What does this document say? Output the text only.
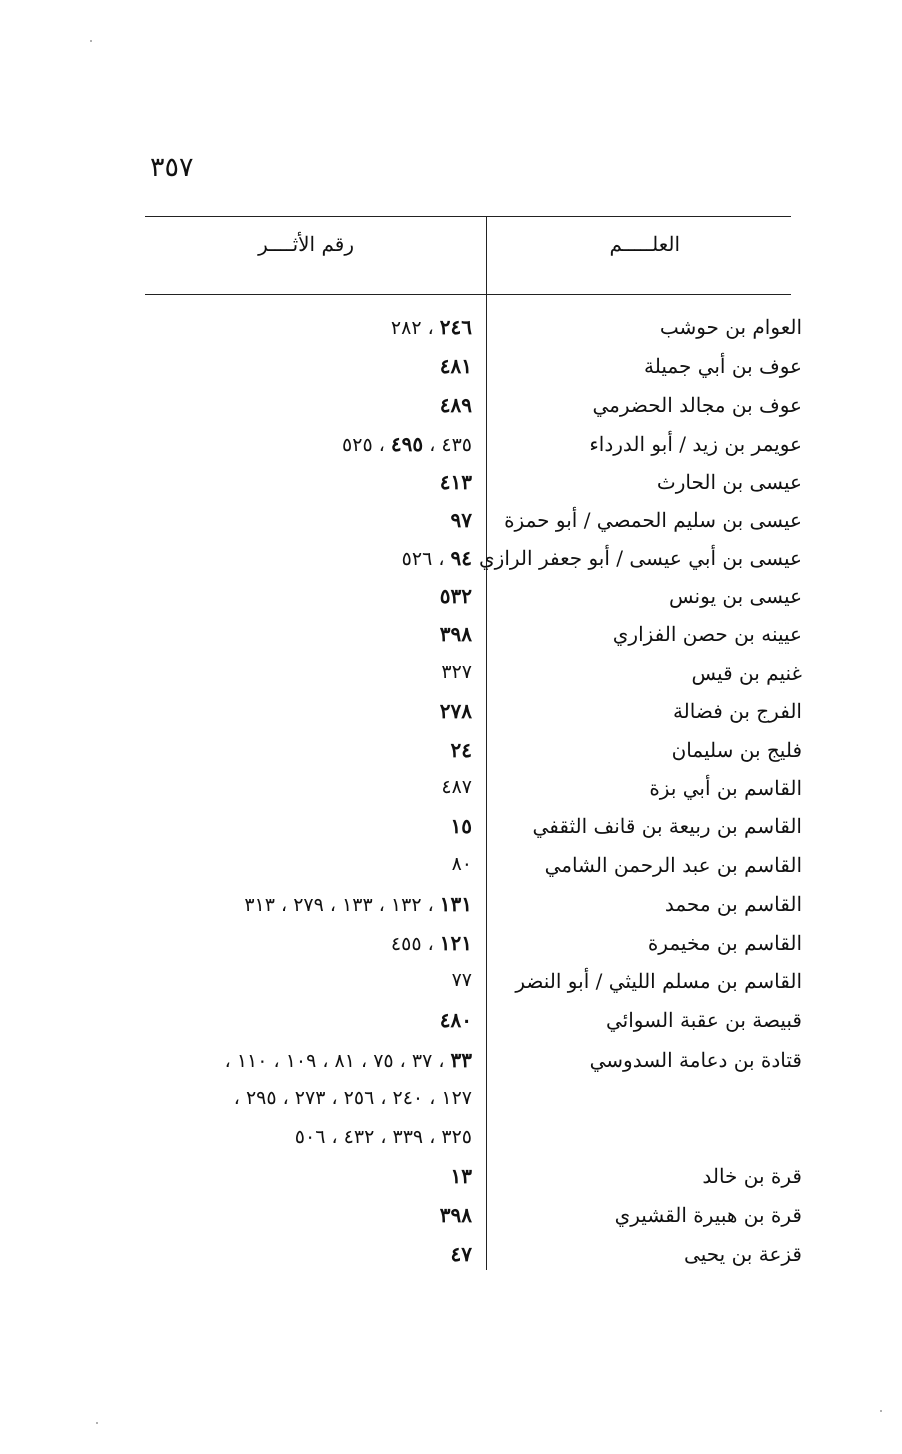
٣٥٧
العلـــــم
رقم الأثــــر
العوام بن حوشب
٢٤٦ ، ٢٨٢
عوف بن أبي جميلة
٤٨١
عوف بن مجالد الحضرمي
٤٨٩
عويمر بن زيد / أبو الدرداء
٤٣٥ ، ٤٩٥ ، ٥٢٥
عيسى بن الحارث
٤١٣
عيسى بن سليم الحمصي / أبو حمزة
٩٧
عيسى بن أبي عيسى / أبو جعفر الرازي
٩٤ ، ٥٢٦
عيسى بن يونس
٥٣٢
عيينه بن حصن الفزاري
٣٩٨
غنيم بن قيس
٣٢٧
الفرج بن فضالة
٢٧٨
فليج بن سليمان
٢٤
القاسم بن أبي بزة
٤٨٧
القاسم بن ربيعة بن قانف الثقفي
١٥
القاسم بن عبد الرحمن الشامي
٨٠
القاسم بن محمد
١٣١ ، ١٣٢ ، ١٣٣ ، ٢٧٩ ، ٣١٣
القاسم بن مخيمرة
١٢١ ، ٤٥٥
القاسم بن مسلم الليثي / أبو النضر
٧٧
قبيصة بن عقبة السوائي
٤٨٠
قتادة بن دعامة السدوسي
٣٣ ، ٣٧ ، ٧٥ ، ٨١ ، ١٠٩ ، ١١٠ ،
١٢٧ ، ٢٤٠ ، ٢٥٦ ، ٢٧٣ ، ٢٩٥ ،
٣٢٥ ، ٣٣٩ ، ٤٣٢ ، ٥٠٦
قرة بن خالد
١٣
قرة بن هبيرة القشيري
٣٩٨
قزعة بن يحيى
٤٧
